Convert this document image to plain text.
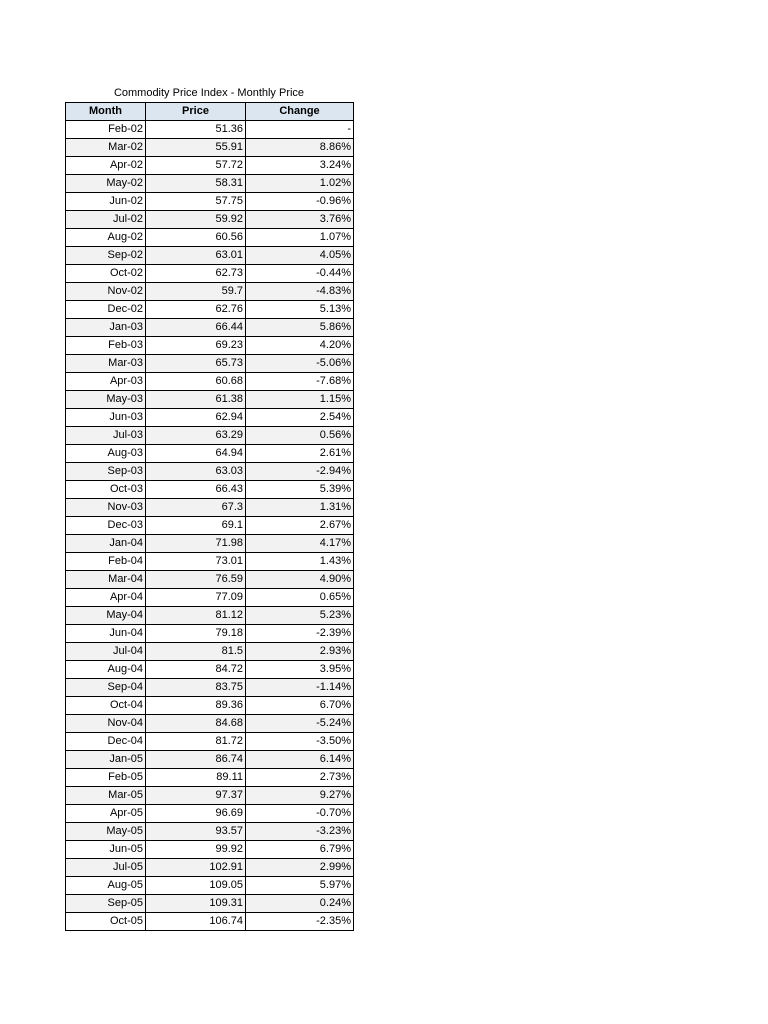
Commodity Price Index - Monthly Price
Month	Price	Change
Feb-02	51.36	-
Mar-02	55.91	8.86%
Apr-02	57.72	3.24%
May-02	58.31	1.02%
Jun-02	57.75	-0.96%
Jul-02	59.92	3.76%
Aug-02	60.56	1.07%
Sep-02	63.01	4.05%
Oct-02	62.73	-0.44%
Nov-02	59.7	-4.83%
Dec-02	62.76	5.13%
Jan-03	66.44	5.86%
Feb-03	69.23	4.20%
Mar-03	65.73	-5.06%
Apr-03	60.68	-7.68%
May-03	61.38	1.15%
Jun-03	62.94	2.54%
Jul-03	63.29	0.56%
Aug-03	64.94	2.61%
Sep-03	63.03	-2.94%
Oct-03	66.43	5.39%
Nov-03	67.3	1.31%
Dec-03	69.1	2.67%
Jan-04	71.98	4.17%
Feb-04	73.01	1.43%
Mar-04	76.59	4.90%
Apr-04	77.09	0.65%
May-04	81.12	5.23%
Jun-04	79.18	-2.39%
Jul-04	81.5	2.93%
Aug-04	84.72	3.95%
Sep-04	83.75	-1.14%
Oct-04	89.36	6.70%
Nov-04	84.68	-5.24%
Dec-04	81.72	-3.50%
Jan-05	86.74	6.14%
Feb-05	89.11	2.73%
Mar-05	97.37	9.27%
Apr-05	96.69	-0.70%
May-05	93.57	-3.23%
Jun-05	99.92	6.79%
Jul-05	102.91	2.99%
Aug-05	109.05	5.97%
Sep-05	109.31	0.24%
Oct-05	106.74	-2.35%
